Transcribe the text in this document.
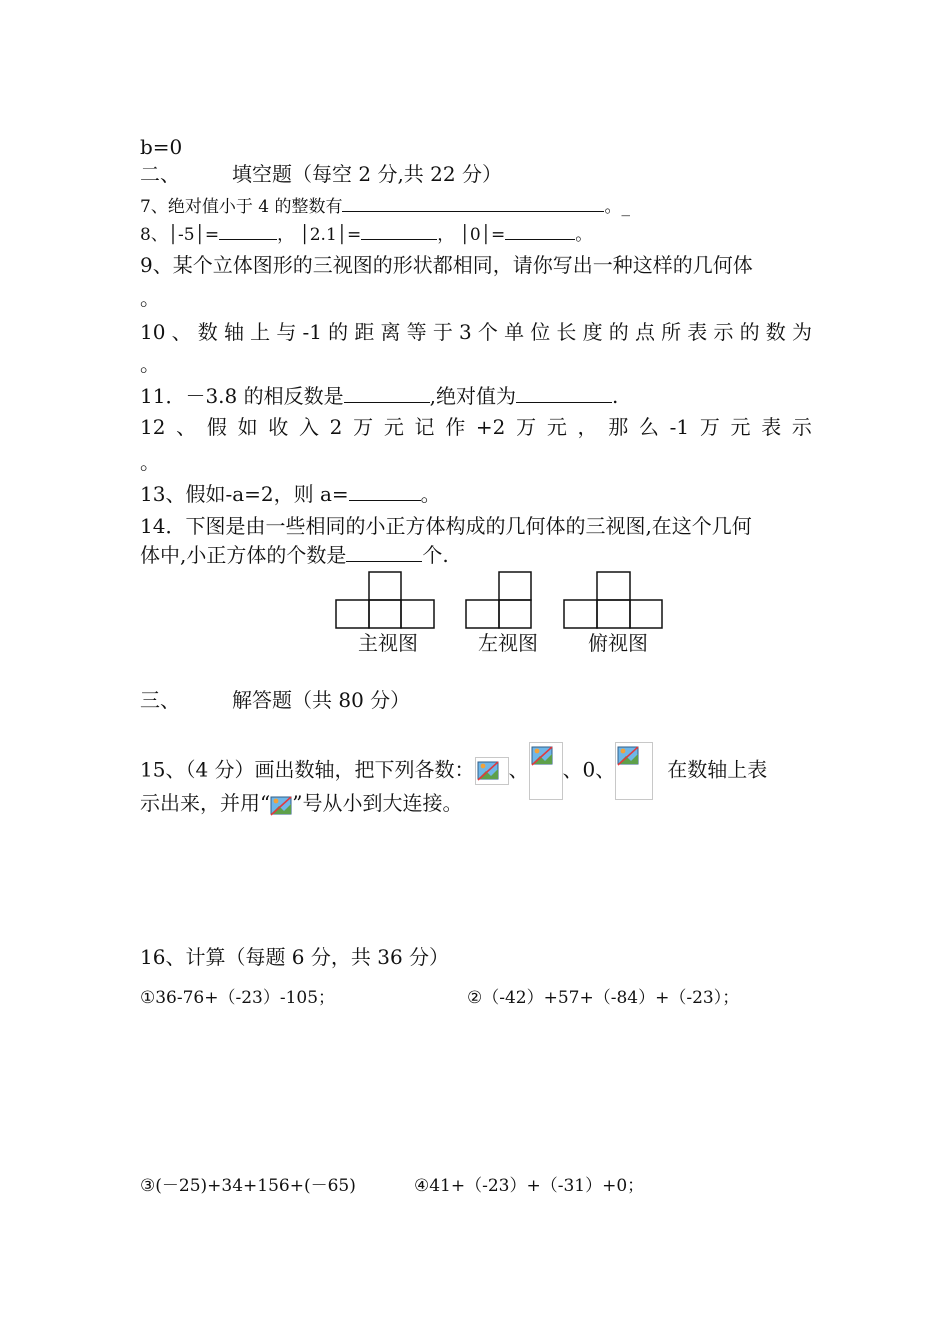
b=0
二、	填空题（每空 2 分,共 22 分）
7、绝对值小于 4 的整数有	。_
8、│-5│=	， │2.1│=	， │0│=	。
9、某个立体图形的三视图的形状都相同，请你写出一种这样的几何体
。
10 、 数 轴 上 与 -1 的 距 离 等 于 3 个 单 位 长 度 的 点 所 表 示 的 数 为
。
11．－3.8 的相反数是	,绝对值为	.
12 、 假 如 收 入 2 万 元 记 作 +2 万 元 ， 那 么 -1 万 元 表 示
。
13、假如-a=2，则 a=	。
14．下图是由一些相同的小正方体构成的几何体的三视图,在这个几何
体中,小正方体的个数是	个.
主视图	左视图	俯视图
三、	解答题（共 80 分）
15、（4 分）画出数轴，把下列各数： 、 、0、	在数轴上表
示出来，并用“ ”号从小到大连接。
16、计算（每题 6 分，共 36 分）
①36-76+（-23）-105；	②（-42）+57+（-84）+（-23）；
③(－25)+34+156+(－65)	④41+（-23）+（-31）+0；
